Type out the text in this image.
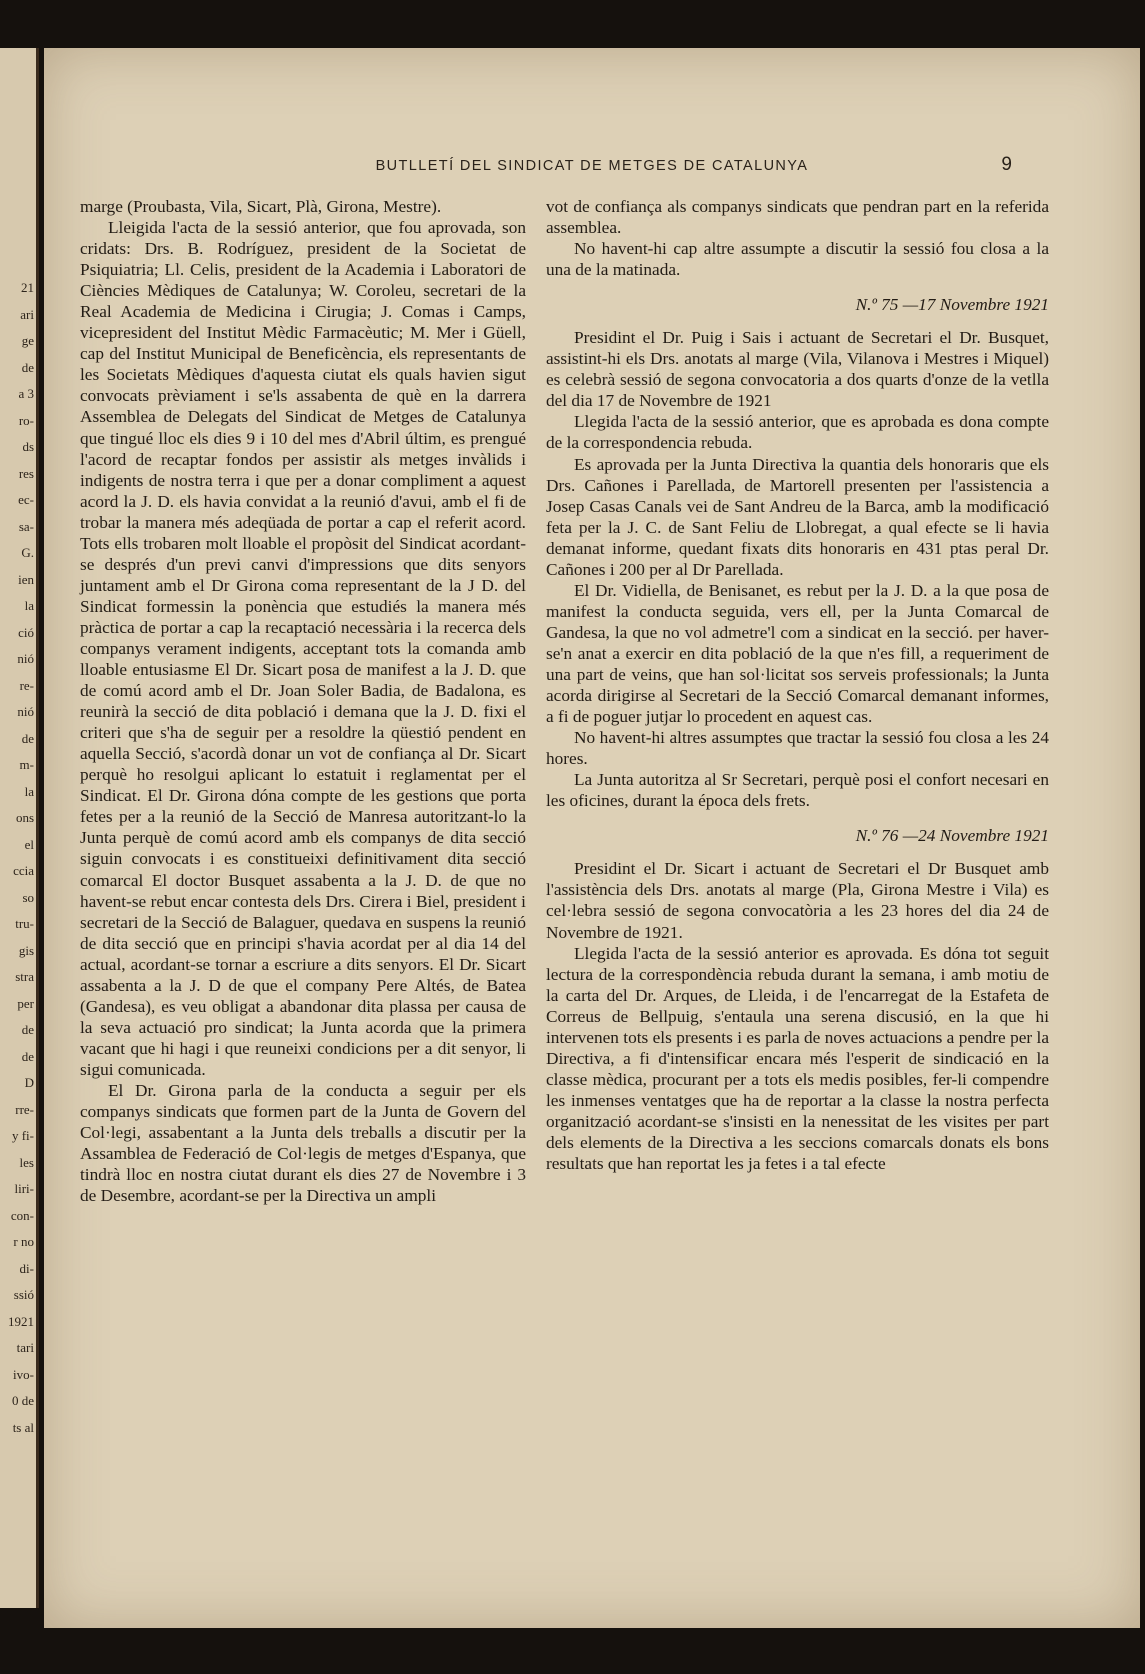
21
ari
ge
de
a 3
ro-
ds
res
ec-
sa-
G.
ien
la
ció
nió
re-
nió
de
m-
la
ons
el
ccia
so
tru-
gis
stra
per
de
de
D
rre-
y fi-
les
liri-
con-
r no
di-
ssió
1921
tari
ivo-
0 de
ts al
BUTLLETÍ DEL SINDICAT DE METGES DE CATALUNYA	9

marge (Proubasta, Vila, Sicart, Plà, Girona, Mestre).

Lleigida l'acta de la sessió anterior, que fou aprovada, son cridats: Drs. B. Rodríguez, president de la Societat de Psiquiatria; Ll. Celis, president de la Academia i Laboratori de Ciències Mèdiques de Catalunya; W. Coroleu, secretari de la Real Academia de Medicina i Cirugia; J. Comas i Camps, vicepresident del Institut Mèdic Farmacèutic; M. Mer i Güell, cap del Institut Municipal de Beneficència, els representants de les Societats Mèdiques d'aquesta ciutat els quals havien sigut convocats prèviament i se'ls assabenta de què en la darrera Assemblea de Delegats del Sindicat de Metges de Catalunya que tingué lloc els dies 9 i 10 del mes d'Abril últim, es prengué l'acord de recaptar fondos per assistir als metges invàlids i indigents de nostra terra i que per a donar compliment a aquest acord la J. D. els havia convidat a la reunió d'avui, amb el fi de trobar la manera més adeqüada de portar a cap el referit acord. Tots ells trobaren molt lloable el propòsit del Sindicat acordant-se després d'un previ canvi d'impressions que dits senyors juntament amb el Dr Girona coma representant de la J D. del Sindicat formessin la ponència que estudiés la manera més pràctica de portar a cap la recaptació necessària i la recerca dels companys verament indigents, acceptant tots la comanda amb lloable entusiasme El Dr. Sicart posa de manifest a la J. D. que de comú acord amb el Dr. Joan Soler Badia, de Badalona, es reunirà la secció de dita població i demana que la J. D. fixi el criteri que s'ha de seguir per a resoldre la qüestió pendent en aquella Secció, s'acordà donar un vot de confiança al Dr. Sicart perquè ho resolgui aplicant lo estatuit i reglamentat per el Sindicat. El Dr. Girona dóna compte de les gestions que porta fetes per a la reunió de la Secció de Manresa autoritzant-lo la Junta perquè de comú acord amb els companys de dita secció siguin convocats i es constitueixi definitivament dita secció comarcal El doctor Busquet assabenta a la J. D. de que no havent-se rebut encar contesta dels Drs. Cirera i Biel, president i secretari de la Secció de Balaguer, quedava en suspens la reunió de dita secció que en principi s'havia acordat per al dia 14 del actual, acordant-se tornar a escriure a dits senyors. El Dr. Sicart assabenta a la J. D de que el company Pere Altés, de Batea (Gandesa), es veu obligat a abandonar dita plassa per causa de la seva actuació pro sindicat; la Junta acorda que la primera vacant que hi hagi i que reuneixi condicions per a dit senyor, li sigui comunicada.

El Dr. Girona parla de la conducta a seguir per els companys sindicats que formen part de la Junta de Govern del Col·legi, assabentant a la Junta dels treballs a discutir per la Assamblea de Federació de Col·legis de metges d'Espanya, que tindrà lloc en nostra ciutat durant els dies 27 de Novembre i 3 de Desembre, acordant-se per la Directiva un ampli

vot de confiança als companys sindicats que pendran part en la referida assemblea.

No havent-hi cap altre assumpte a discutir la sessió fou closa a la una de la matinada.

N.º 75 —17 Novembre 1921

Presidint el Dr. Puig i Sais i actuant de Secretari el Dr. Busquet, assistint-hi els Drs. anotats al marge (Vila, Vilanova i Mestres i Miquel) es celebrà sessió de segona convocatoria a dos quarts d'onze de la vetlla del dia 17 de Novembre de 1921

Llegida l'acta de la sessió anterior, que es aprobada es dona compte de la correspondencia rebuda.

Es aprovada per la Junta Directiva la quantia dels honoraris que els Drs. Cañones i Parellada, de Martorell presenten per l'assistencia a Josep Casas Canals vei de Sant Andreu de la Barca, amb la modificació feta per la J. C. de Sant Feliu de Llobregat, a qual efecte se li havia demanat informe, quedant fixats dits honoraris en 431 ptas peral Dr. Cañones i 200 per al Dr Parellada.

El Dr. Vidiella, de Benisanet, es rebut per la J. D. a la que posa de manifest la conducta seguida, vers ell, per la Junta Comarcal de Gandesa, la que no vol admetre'l com a sindicat en la secció. per haver-se'n anat a exercir en dita població de la que n'es fill, a requeriment de una part de veins, que han sol·licitat sos serveis professionals; la Junta acorda dirigirse al Secretari de la Secció Comarcal demanant informes, a fi de poguer jutjar lo procedent en aquest cas.

No havent-hi altres assumptes que tractar la sessió fou closa a les 24 hores.

La Junta autoritza al Sr Secretari, perquè posi el confort necesari en les oficines, durant la época dels frets.

N.º 76 —24 Novembre 1921

Presidint el Dr. Sicart i actuant de Secretari el Dr Busquet amb l'assistència dels Drs. anotats al marge (Pla, Girona Mestre i Vila) es cel·lebra sessió de segona convocatòria a les 23 hores del dia 24 de Novembre de 1921.

Llegida l'acta de la sessió anterior es aprovada. Es dóna tot seguit lectura de la correspondència rebuda durant la semana, i amb motiu de la carta del Dr. Arques, de Lleida, i de l'encarregat de la Estafeta de Correus de Bellpuig, s'entaula una serena discusió, en la que hi intervenen tots els presents i es parla de noves actuacions a pendre per la Directiva, a fi d'intensificar encara més l'esperit de sindicació en la classe mèdica, procurant per a tots els medis posibles, fer-li compendre les inmenses ventatges que ha de reportar a la classe la nostra perfecta organització acordant-se s'insisti en la nenessitat de les visites per part dels elements de la Directiva a les seccions comarcals donats els bons resultats que han reportat les ja fetes i a tal efecte
